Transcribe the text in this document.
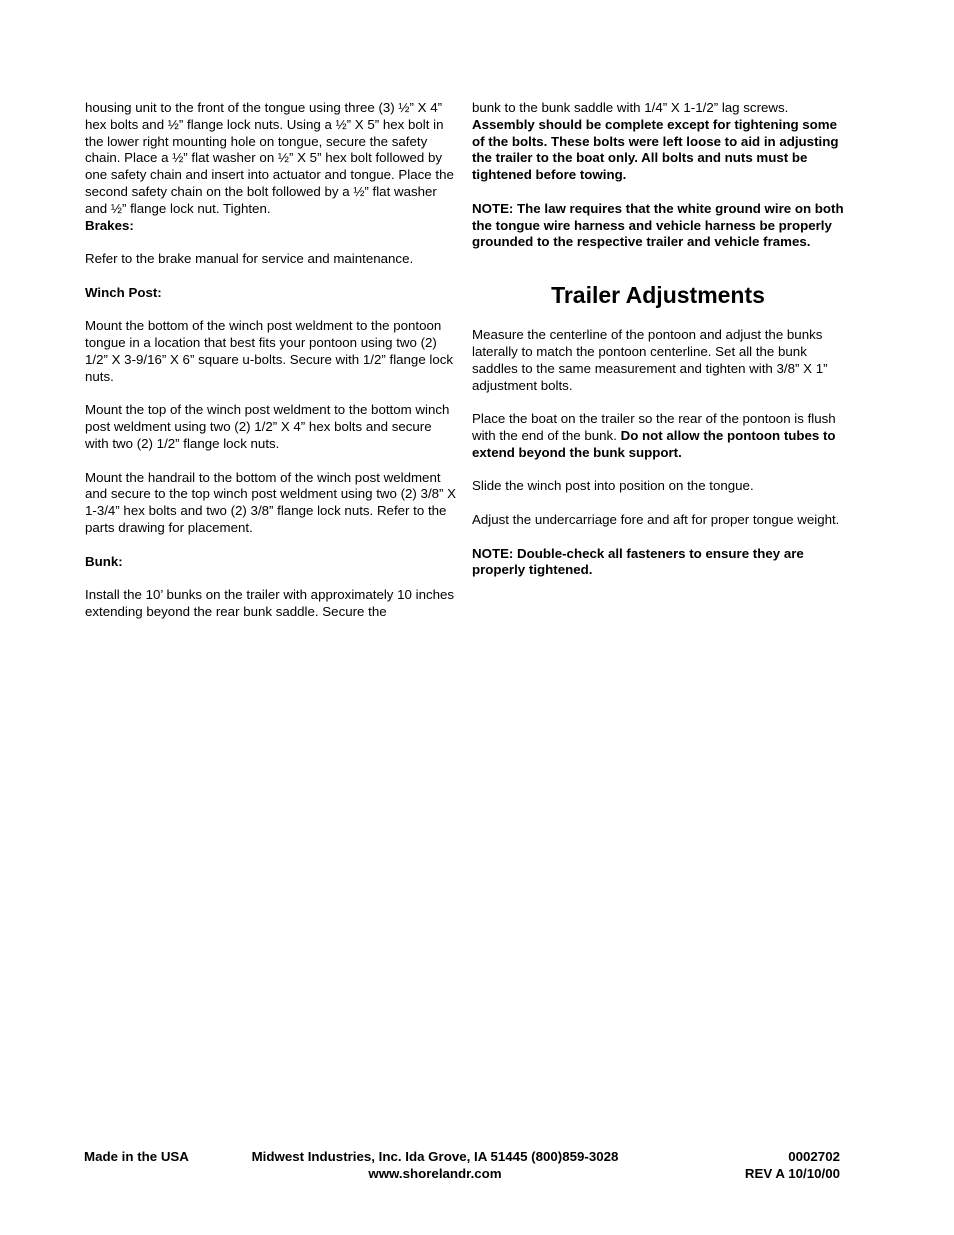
housing unit to the front of the tongue using three (3) ½” X 4” hex bolts and ½” flange lock nuts. Using a ½” X 5” hex bolt in the lower right mounting hole on tongue, secure the safety chain. Place a ½” flat washer on ½” X 5” hex bolt followed by one safety chain and insert into actuator and tongue. Place the second safety chain on the bolt followed by a ½” flat washer and ½” flange lock nut. Tighten.

Brakes:

Refer to the brake manual for service and maintenance.

Winch Post:

Mount the bottom of the winch post weldment to the pontoon tongue in a location that best fits your pontoon using two (2) 1/2” X 3-9/16” X 6” square u-bolts. Secure with 1/2” flange lock nuts.

Mount the top of the winch post weldment to the bottom winch post weldment using two (2) 1/2” X 4” hex bolts and secure with two (2) 1/2” flange lock nuts.

Mount the handrail to the bottom of the winch post weldment and secure to the top winch post weldment using two (2) 3/8” X 1-3/4” hex bolts and two (2) 3/8” flange lock nuts. Refer to the parts drawing for placement.

Bunk:

Install the 10’ bunks on the trailer with approximately 10 inches extending beyond the rear bunk saddle. Secure the

bunk to the bunk saddle with 1/4” X 1-1/2” lag screws. Assembly should be complete except for tightening some of the bolts. These bolts were left loose to aid in adjusting the trailer to the boat only. All bolts and nuts must be tightened before towing.

NOTE: The law requires that the white ground wire on both the tongue wire harness and vehicle harness be properly grounded to the respective trailer and vehicle frames.

Trailer Adjustments

Measure the centerline of the pontoon and adjust the bunks laterally to match the pontoon centerline. Set all the bunk saddles to the same measurement and tighten with 3/8” X 1” adjustment bolts.

Place the boat on the trailer so the rear of the pontoon is flush with the end of the bunk. Do not allow the pontoon tubes to extend beyond the bunk support.

Slide the winch post into position on the tongue.

Adjust the undercarriage fore and aft for proper tongue weight.

NOTE: Double-check all fasteners to ensure they are properly tightened.

Made in the USA	Midwest Industries, Inc. Ida Grove, IA 51445 (800)859-3028
www.shorelandr.com
0002702
REV A 10/10/00
